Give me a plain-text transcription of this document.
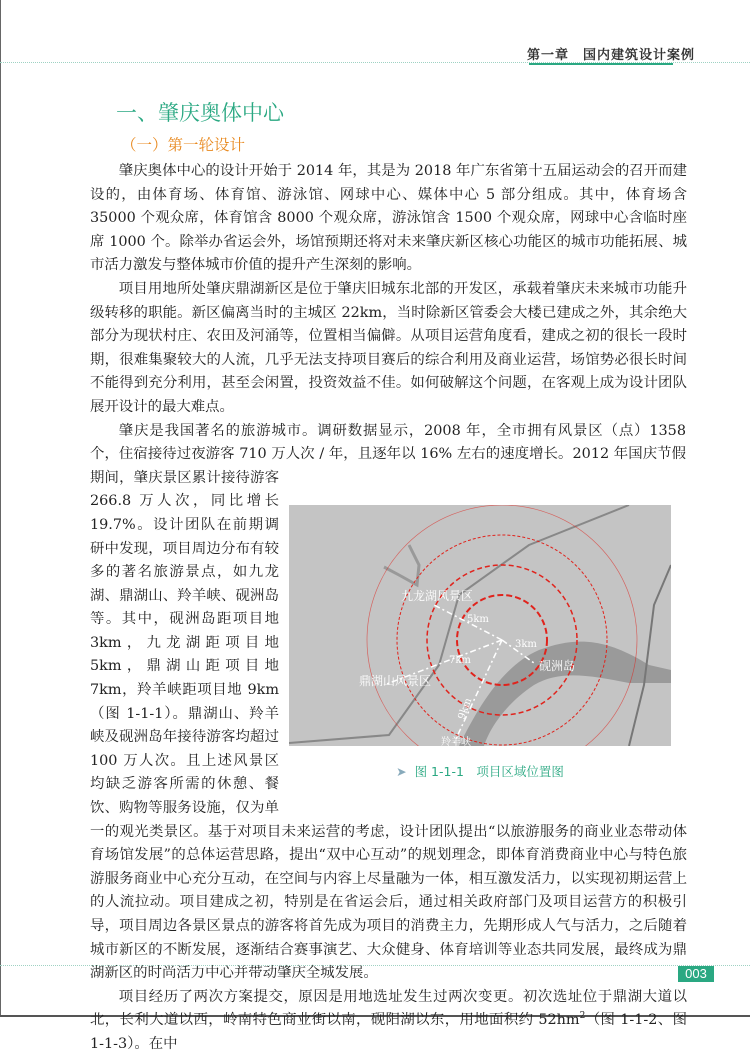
第一章　国内建筑设计案例
一、肇庆奥体中心
（一）第一轮设计

肇庆奥体中心的设计开始于 2014 年，其是为 2018 年广东省第十五届运动会的召开而建设的，由体育场、体育馆、游泳馆、网球中心、媒体中心 5 部分组成。其中，体育场含 35000 个观众席，体育馆含 8000 个观众席，游泳馆含 1500 个观众席，网球中心含临时座席 1000 个。除举办省运会外，场馆预期还将对未来肇庆新区核心功能区的城市功能拓展、城市活力激发与整体城市价值的提升产生深刻的影响。

项目用地所处肇庆鼎湖新区是位于肇庆旧城东北部的开发区，承载着肇庆未来城市功能升级转移的职能。新区偏离当时的主城区 22km，当时除新区管委会大楼已建成之外，其余绝大部分为现状村庄、农田及河涌等，位置相当偏僻。从项目运营角度看，建成之初的很长一段时期，很难集聚较大的人流，几乎无法支持项目赛后的综合利用及商业运营，场馆势必很长时间不能得到充分利用，甚至会闲置，投资效益不佳。如何破解这个问题，在客观上成为设计团队展开设计的最大难点。

九龙湖风景区
鼎湖山风景区
砚洲岛
羚羊峡
3km
5km
7km
9km
➤ 图 1-1-1　项目区域位置图

肇庆是我国著名的旅游城市。调研数据显示，2008 年，全市拥有风景区（点）1358 个，住宿接待过夜游客 710 万人次 / 年，且逐年以 16% 左右的速度增长。2012 年国庆节假期间，肇庆景区累计接待游客 266.8 万人次，同比增长 19.7%。设计团队在前期调研中发现，项目周边分布有较多的著名旅游景点，如九龙湖、鼎湖山、羚羊峡、砚洲岛等。其中，砚洲岛距项目地 3km，九龙湖距项目地 5km，鼎湖山距项目地 7km，羚羊峡距项目地 9km（图 1-1-1）。鼎湖山、羚羊峡及砚洲岛年接待游客均超过 100 万人次。且上述风景区均缺乏游客所需的休憩、餐饮、购物等服务设施，仅为单一的观光类景区。基于对项目未来运营的考虑，设计团队提出“以旅游服务的商业业态带动体育场馆发展”的总体运营思路，提出“双中心互动”的规划理念，即体育消费商业中心与特色旅游服务商业中心充分互动，在空间与内容上尽量融为一体，相互激发活力，以实现初期运营上的人流拉动。项目建成之初，特别是在省运会后，通过相关政府部门及项目运营方的积极引导，项目周边各景区景点的游客将首先成为项目的消费主力，先期形成人气与活力，之后随着城市新区的不断发展，逐渐结合赛事演艺、大众健身、体育培训等业态共同发展，最终成为鼎湖新区的时尚活力中心并带动肇庆全城发展。

项目经历了两次方案提交，原因是用地选址发生过两次变更。初次选址位于鼎湖大道以北，长利大道以西，岭南特色商业街以南，砚阳湖以东，用地面积约 $52hm^2$（图 1-1-2、图 1-1-3）。在中

003
